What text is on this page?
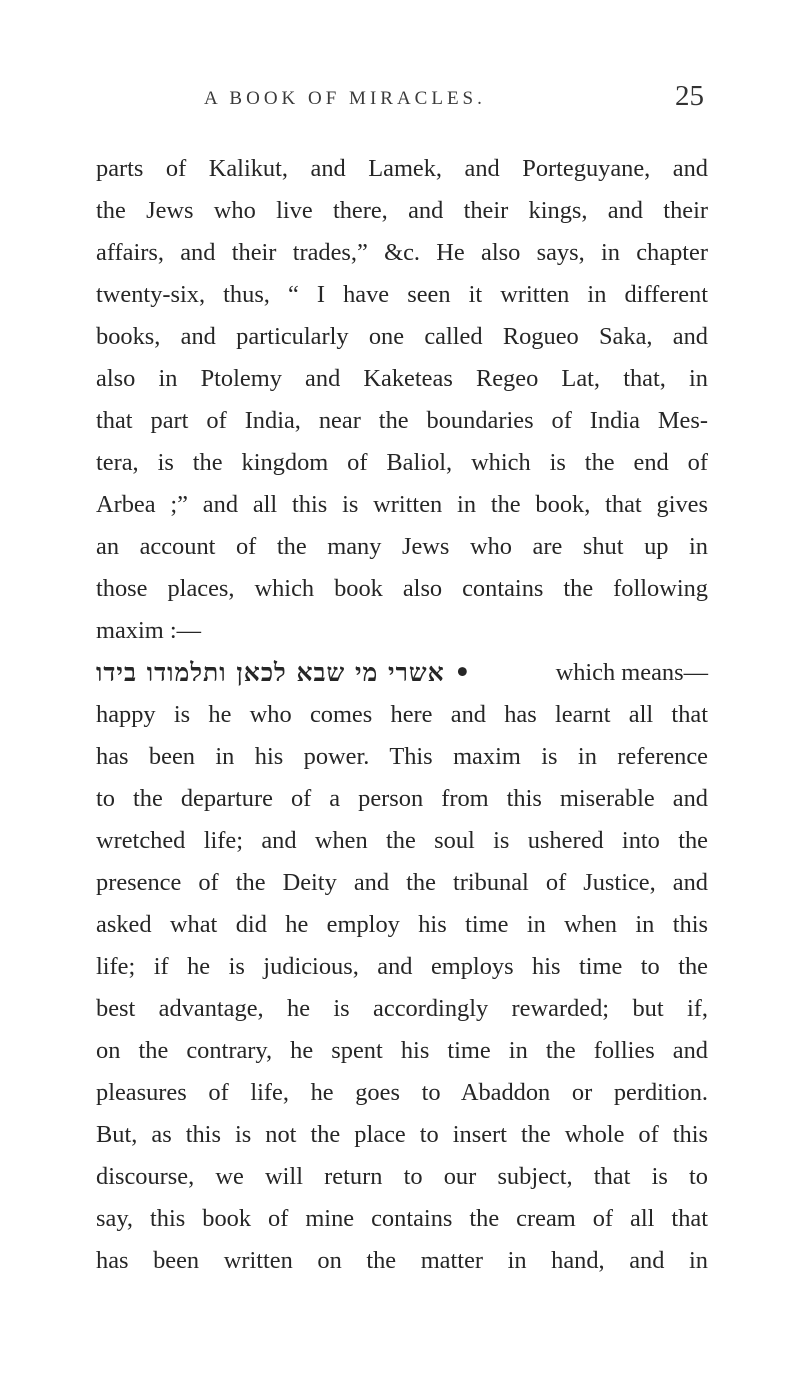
A BOOK OF MIRACLES.	25
parts of Kalikut, and Lamek, and Porteguyane, and
the Jews who live there, and their kings, and their
affairs, and their trades,” &c. He also says, in chapter
twenty-six, thus, “ I have seen it written in different
books, and particularly one called Rogueo Saka, and
also in Ptolemy and Kaketeas Regeo Lat, that, in
that part of India, near the boundaries of India Mes-
tera, is the kingdom of Baliol, which is the end of
Arbea ;” and all this is written in the book, that gives
an account of the many Jews who are shut up in
those places, which book also contains the following
maxim :—
• אשרי מי שבא לכאן ותלמודו בידו	which means—
happy is he who comes here and has learnt all that
has been in his power. This maxim is in reference
to the departure of a person from this miserable and
wretched life; and when the soul is ushered into the
presence of the Deity and the tribunal of Justice, and
asked what did he employ his time in when in this
life; if he is judicious, and employs his time to the
best advantage, he is accordingly rewarded; but if,
on the contrary, he spent his time in the follies and
pleasures of life, he goes to Abaddon or perdition.
But, as this is not the place to insert the whole of this
discourse, we will return to our subject, that is to
say, this book of mine contains the cream of all that
has been written on the matter in hand, and in
